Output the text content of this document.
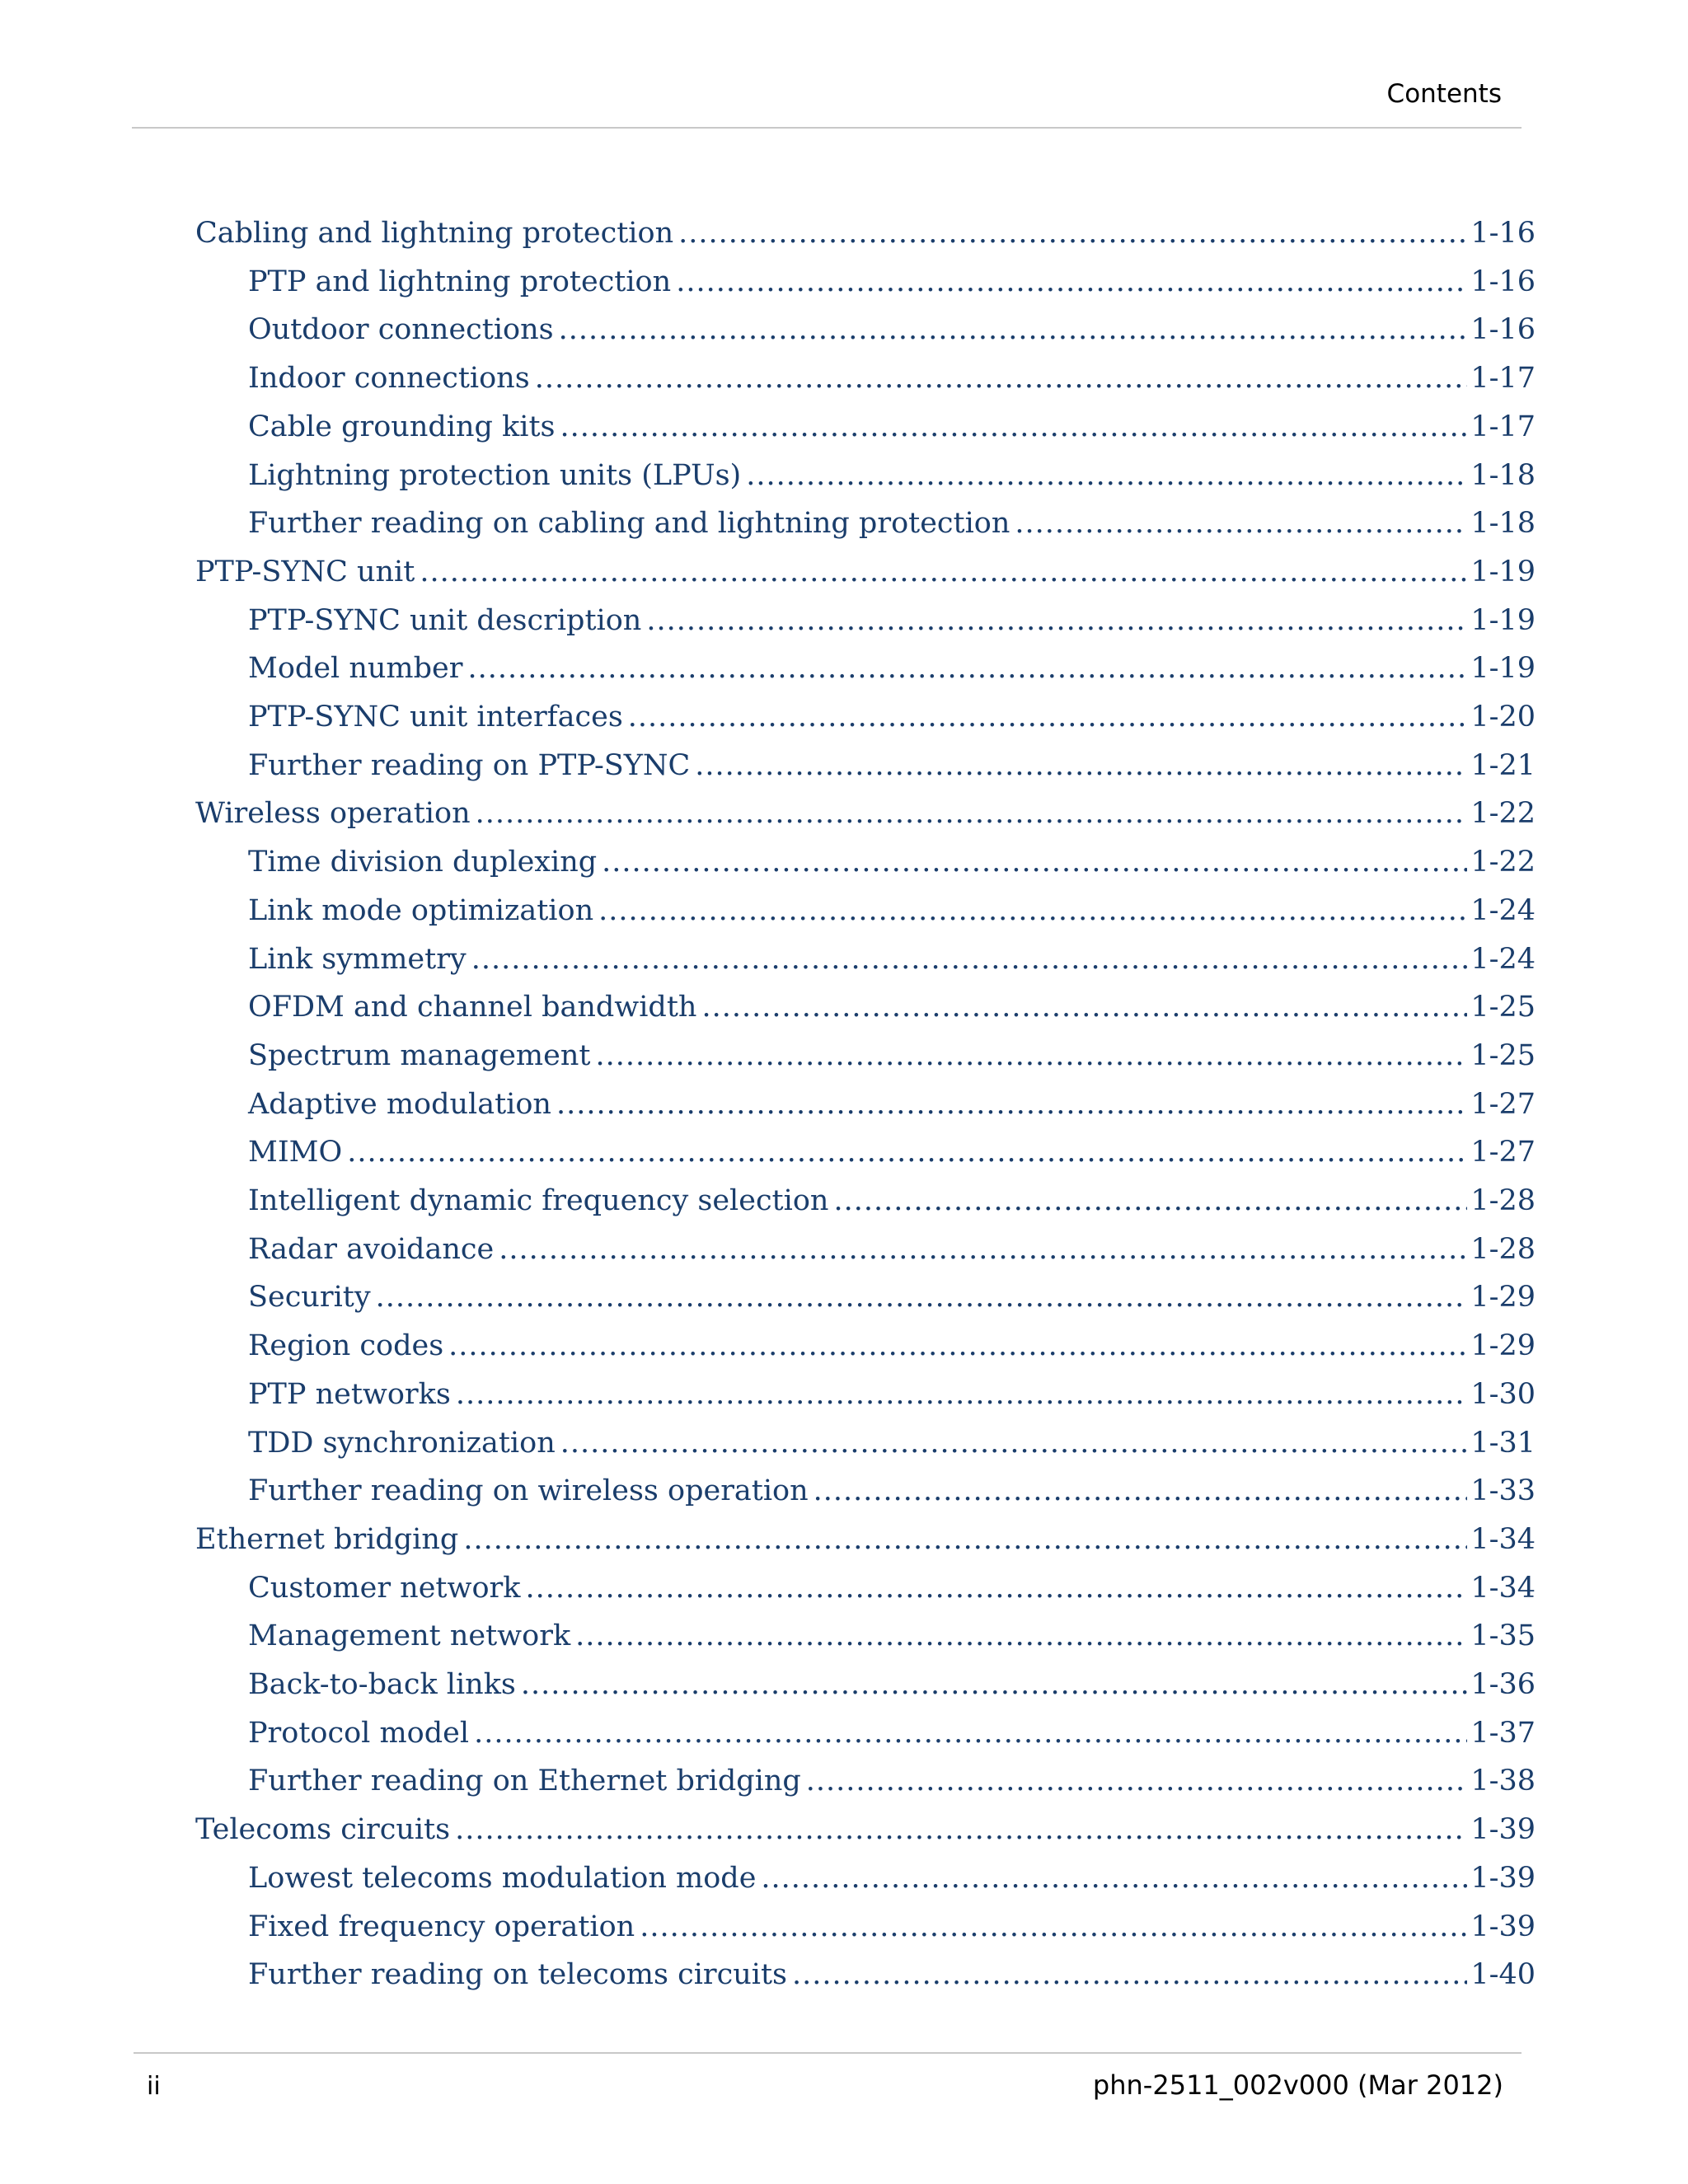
Contents
Cabling and lightning protection .....	1-16
PTP and lightning protection .....	1-16
Outdoor connections .....	1-16
Indoor connections .....	1-17
Cable grounding kits .....	1-17
Lightning protection units (LPUs) .....	1-18
Further reading on cabling and lightning protection .....	1-18
PTP-SYNC unit .....	1-19
PTP-SYNC unit description .....	1-19
Model number .....	1-19
PTP-SYNC unit interfaces .....	1-20
Further reading on PTP-SYNC .....	1-21
Wireless operation .....	1-22
Time division duplexing .....	1-22
Link mode optimization .....	1-24
Link symmetry .....	1-24
OFDM and channel bandwidth .....	1-25
Spectrum management .....	1-25
Adaptive modulation .....	1-27
MIMO .....	1-27
Intelligent dynamic frequency selection .....	1-28
Radar avoidance .....	1-28
Security .....	1-29
Region codes .....	1-29
PTP networks .....	1-30
TDD synchronization .....	1-31
Further reading on wireless operation .....	1-33
Ethernet bridging .....	1-34
Customer network .....	1-34
Management network .....	1-35
Back-to-back links .....	1-36
Protocol model .....	1-37
Further reading on Ethernet bridging .....	1-38
Telecoms circuits .....	1-39
Lowest telecoms modulation mode .....	1-39
Fixed frequency operation .....	1-39
Further reading on telecoms circuits .....	1-40
ii	phn-2511_002v000 (Mar 2012)
